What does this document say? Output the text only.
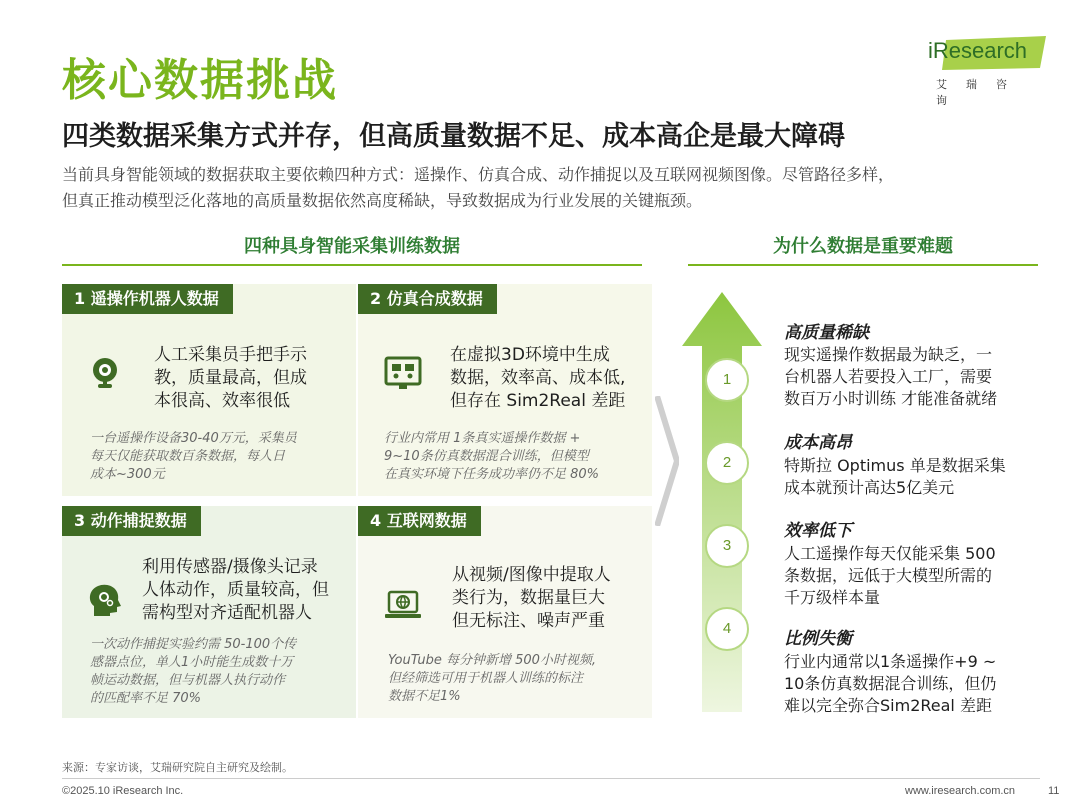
核心数据挑战
四类数据采集方式并存，但高质量数据不足、成本高企是最大障碍
当前具身智能领域的数据获取主要依赖四种方式：遥操作、仿真合成、动作捕捉以及互联网视频图像。尽管路径多样，
但真正推动模型泛化落地的高质量数据依然高度稀缺，导致数据成为行业发展的关键瓶颈。
iResearch
艾瑞咨询
四种具身智能采集训练数据	为什么数据是重要难题
1 遥操作机器人数据
人工采集员手把手示
教，质量最高，但成
本很高、效率很低
一台遥操作设备30-40万元，采集员
每天仅能获取数百条数据，每人日
成本~300元
2 仿真合成数据
在虚拟3D环境中生成
数据，效率高、成本低,
但存在 Sim2Real 差距
行业内常用 1条真实遥操作数据 +
9~10条仿真数据混合训练，但模型
在真实环境下任务成功率仍不足 80%
3 动作捕捉数据
利用传感器/摄像头记录
人体动作，质量较高，但
需构型对齐适配机器人
一次动作捕捉实验约需 50-100个传
感器点位，单人1小时能生成数十万
帧运动数据，但与机器人执行动作
的匹配率不足 70%
4 互联网数据
从视频/图像中提取人
类行为，数据量巨大
但无标注、噪声严重
YouTube 每分钟新增 500小时视频,
但经筛选可用于机器人训练的标注
数据不足1%
1
2
3
4
高质量稀缺
现实遥操作数据最为缺乏，一
台机器人若要投入工厂，需要
数百万小时训练 才能准备就绪
成本高昂
特斯拉 Optimus 单是数据采集
成本就预计高达5亿美元
效率低下
人工遥操作每天仅能采集 500
条数据，远低于大模型所需的
千万级样本量
比例失衡
行业内通常以1条遥操作+9 ~
10条仿真数据混合训练，但仍
难以完全弥合Sim2Real 差距
来源：专家访谈，艾瑞研究院自主研究及绘制。
©2025.10 iResearch Inc.	www.iresearch.com.cn	11
